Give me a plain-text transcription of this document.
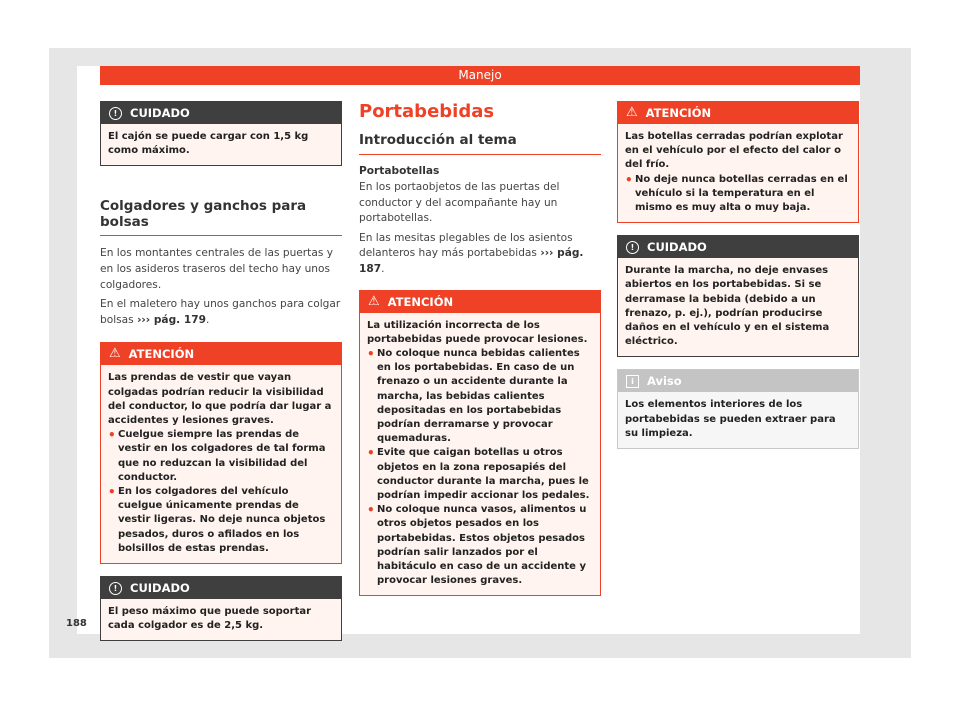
Manejo
!	CUIDADO
El cajón se puede cargar con 1,5 kg como máximo.
Colgadores y ganchos para bolsas

En los montantes centrales de las puertas y en los asideros traseros del techo hay unos colgadores.

En el maletero hay unos ganchos para colgar bolsas ››› pág. 179.

⚠ ATENCIÓN
Las prendas de vestir que vayan colgadas podrían reducir la visibilidad del conductor, lo que podría dar lugar a accidentes y lesiones graves.
• Cuelgue siempre las prendas de vestir en los colgadores de tal forma que no reduzcan la visibilidad del conductor.
• En los colgadores del vehículo cuelgue únicamente prendas de vestir ligeras. No deje nunca objetos pesados, duros o afilados en los bolsillos de estas prendas.
!	CUIDADO
El peso máximo que puede soportar cada colgador es de 2,5 kg.
Portabebidas
Introducción al tema
Portabotellas

En los portaobjetos de las puertas del conductor y del acompañante hay un portabotellas.

En las mesitas plegables de los asientos delanteros hay más portabebidas ››› pág. 187.

⚠ ATENCIÓN
La utilización incorrecta de los portabebidas puede provocar lesiones.
• No coloque nunca bebidas calientes en los portabebidas. En caso de un frenazo o un accidente durante la marcha, las bebidas calientes depositadas en los portabebidas podrían derramarse y provocar quemaduras.
• Evite que caigan botellas u otros objetos en la zona reposapiés del conductor durante la marcha, pues le podrían impedir accionar los pedales.
• No coloque nunca vasos, alimentos u otros objetos pesados en los portabebidas. Estos objetos pesados podrían salir lanzados por el habitáculo en caso de un accidente y provocar lesiones graves.
⚠ ATENCIÓN
Las botellas cerradas podrían explotar en el vehículo por el efecto del calor o del frío.
• No deje nunca botellas cerradas en el vehículo si la temperatura en el mismo es muy alta o muy baja.
!	CUIDADO
Durante la marcha, no deje envases abiertos en los portabebidas. Si se derramase la bebida (debido a un frenazo, p. ej.), podrían producirse daños en el vehículo y en el sistema eléctrico.
i	Aviso
Los elementos interiores de los portabebidas se pueden extraer para su limpieza.
188
